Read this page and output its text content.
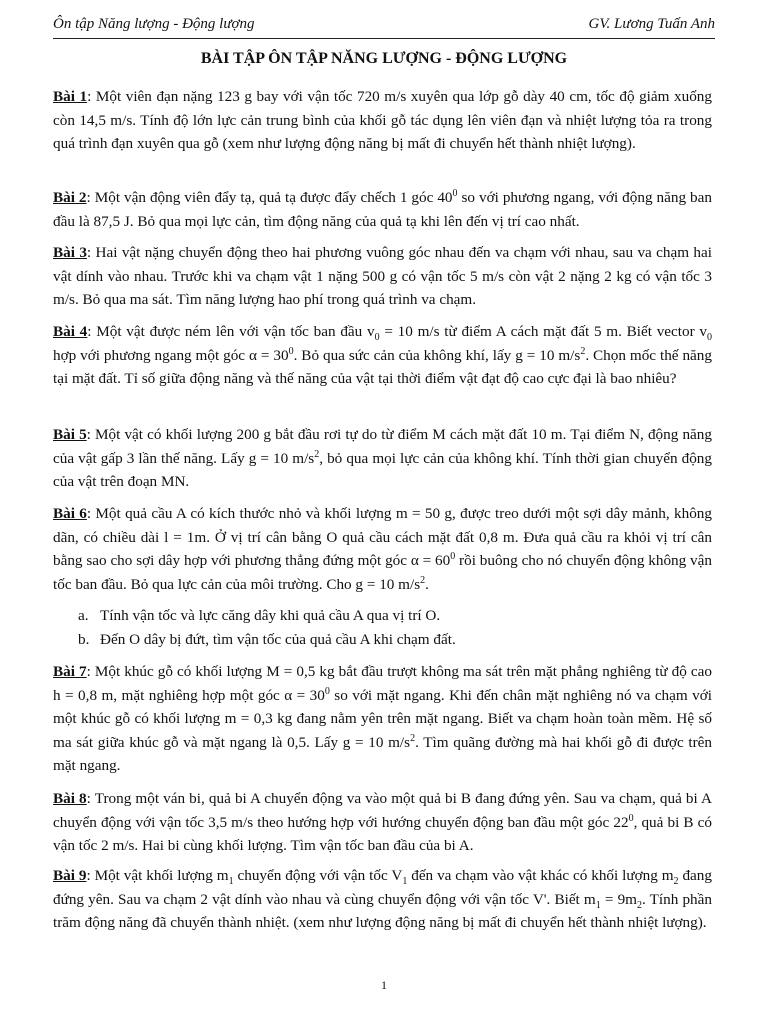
Ôn tập Năng lượng - Động lượng	GV. Lương Tuấn Anh
BÀI TẬP ÔN TẬP NĂNG LƯỢNG - ĐỘNG LƯỢNG

Bài 1: Một viên đạn nặng 123 g bay với vận tốc 720 m/s xuyên qua lớp gỗ dày 40 cm, tốc độ giảm xuống còn 14,5 m/s. Tính độ lớn lực cản trung bình của khối gỗ tác dụng lên viên đạn và nhiệt lượng tỏa ra trong quá trình đạn xuyên qua gỗ (xem như lượng động năng bị mất đi chuyển hết thành nhiệt lượng).

Bài 2: Một vận động viên đẩy tạ, quả tạ được đẩy chếch 1 góc $40^0$ so với phương ngang, với động năng ban đầu là 87,5 J. Bỏ qua mọi lực cản, tìm động năng của quả tạ khi lên đến vị trí cao nhất.

Bài 3: Hai vật nặng chuyển động theo hai phương vuông góc nhau đến va chạm với nhau, sau va chạm hai vật dính vào nhau. Trước khi va chạm vật 1 nặng 500 g có vận tốc 5 m/s còn vật 2 nặng 2 kg có vận tốc 3 m/s. Bỏ qua ma sát. Tìm năng lượng hao phí trong quá trình va chạm.

Bài 4: Một vật được ném lên với vận tốc ban đầu $v_0 = 10$ m/s từ điểm A cách mặt đất 5 m. Biết vector $v_0$ hợp với phương ngang một góc $\alpha = 30^0$. Bỏ qua sức cản của không khí, lấy g = 10 $m/s^2$. Chọn mốc thế năng tại mặt đất. Tỉ số giữa động năng và thế năng của vật tại thời điểm vật đạt độ cao cực đại là bao nhiêu?

Bài 5: Một vật có khối lượng 200 g bắt đầu rơi tự do từ điểm M cách mặt đất 10 m. Tại điểm N, động năng của vật gấp 3 lần thế năng. Lấy g = 10 $m/s^2$, bỏ qua mọi lực cản của không khí. Tính thời gian chuyển động của vật trên đoạn MN.

Bài 6: Một quả cầu A có kích thước nhỏ và khối lượng m = 50 g, được treo dưới một sợi dây mảnh, không dãn, có chiều dài l = 1m. Ở vị trí cân bằng O quả cầu cách mặt đất 0,8 m. Đưa quả cầu ra khỏi vị trí cân bằng sao cho sợi dây hợp với phương thẳng đứng một góc $\alpha = 60^0$ rồi buông cho nó chuyển động không vận tốc ban đầu. Bỏ qua lực cản của môi trường. Cho g = 10 $m/s^2$.

a. Tính vận tốc và lực căng dây khi quả cầu A qua vị trí O.
b. Đến O dây bị đứt, tìm vận tốc của quả cầu A khi chạm đất.

Bài 7: Một khúc gỗ có khối lượng M = 0,5 kg bắt đầu trượt không ma sát trên mặt phẳng nghiêng từ độ cao h = 0,8 m, mặt nghiêng hợp một góc $\alpha = 30^0$ so với mặt ngang. Khi đến chân mặt nghiêng nó va chạm với một khúc gỗ có khối lượng m = 0,3 kg đang nằm yên trên mặt ngang. Biết va chạm hoàn toàn mềm. Hệ số ma sát giữa khúc gỗ và mặt ngang là 0,5. Lấy g = 10 $m/s^2$. Tìm quãng đường mà hai khối gỗ đi được trên mặt ngang.

Bài 8: Trong một ván bi, quả bi A chuyển động va vào một quả bi B đang đứng yên. Sau va chạm, quả bi A chuyển động với vận tốc 3,5 m/s theo hướng hợp với hướng chuyển động ban đầu một góc $22^0$, quả bi B có vận tốc 2 m/s. Hai bi cùng khối lượng. Tìm vận tốc ban đầu của bi A.

Bài 9: Một vật khối lượng $m_1$ chuyển động với vận tốc $V_1$ đến va chạm vào vật khác có khối lượng $m_2$ đang đứng yên. Sau va chạm 2 vật dính vào nhau và cùng chuyển động với vận tốc V'. Biết $m_1 = 9m_2$. Tính phần trăm động năng đã chuyển thành nhiệt. (xem như lượng động năng bị mất đi chuyển hết thành nhiệt lượng).

1
